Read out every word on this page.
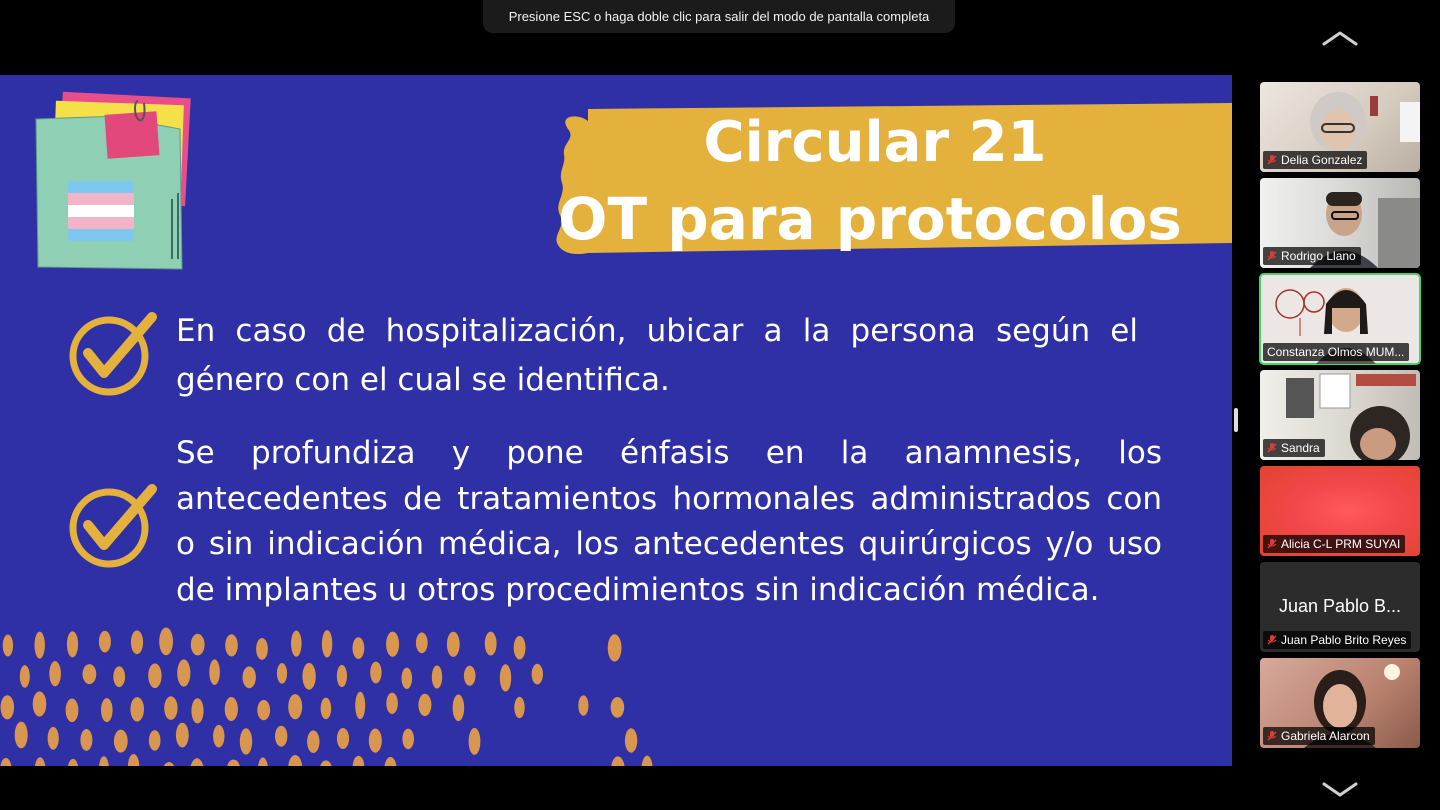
Presione ESC o haga doble clic para salir del modo de pantalla completa
Circular 21
OT para protocolos
En caso de hospitalización, ubicar a la persona según el género con el cual se identifica.
Se profundiza y pone énfasis en la anamnesis, los antecedentes de tratamientos hormonales administrados con o sin indicación médica, los antecedentes quirúrgicos y/o uso de implantes u otros procedimientos sin indicación médica.
Delia Gonzalez
Rodrigo Llano
Constanza Olmos MUM...
Sandra
Alicia C-L PRM SUYAI
Juan Pablo B...
Juan Pablo Brito Reyes
Gabriela Alarcon
